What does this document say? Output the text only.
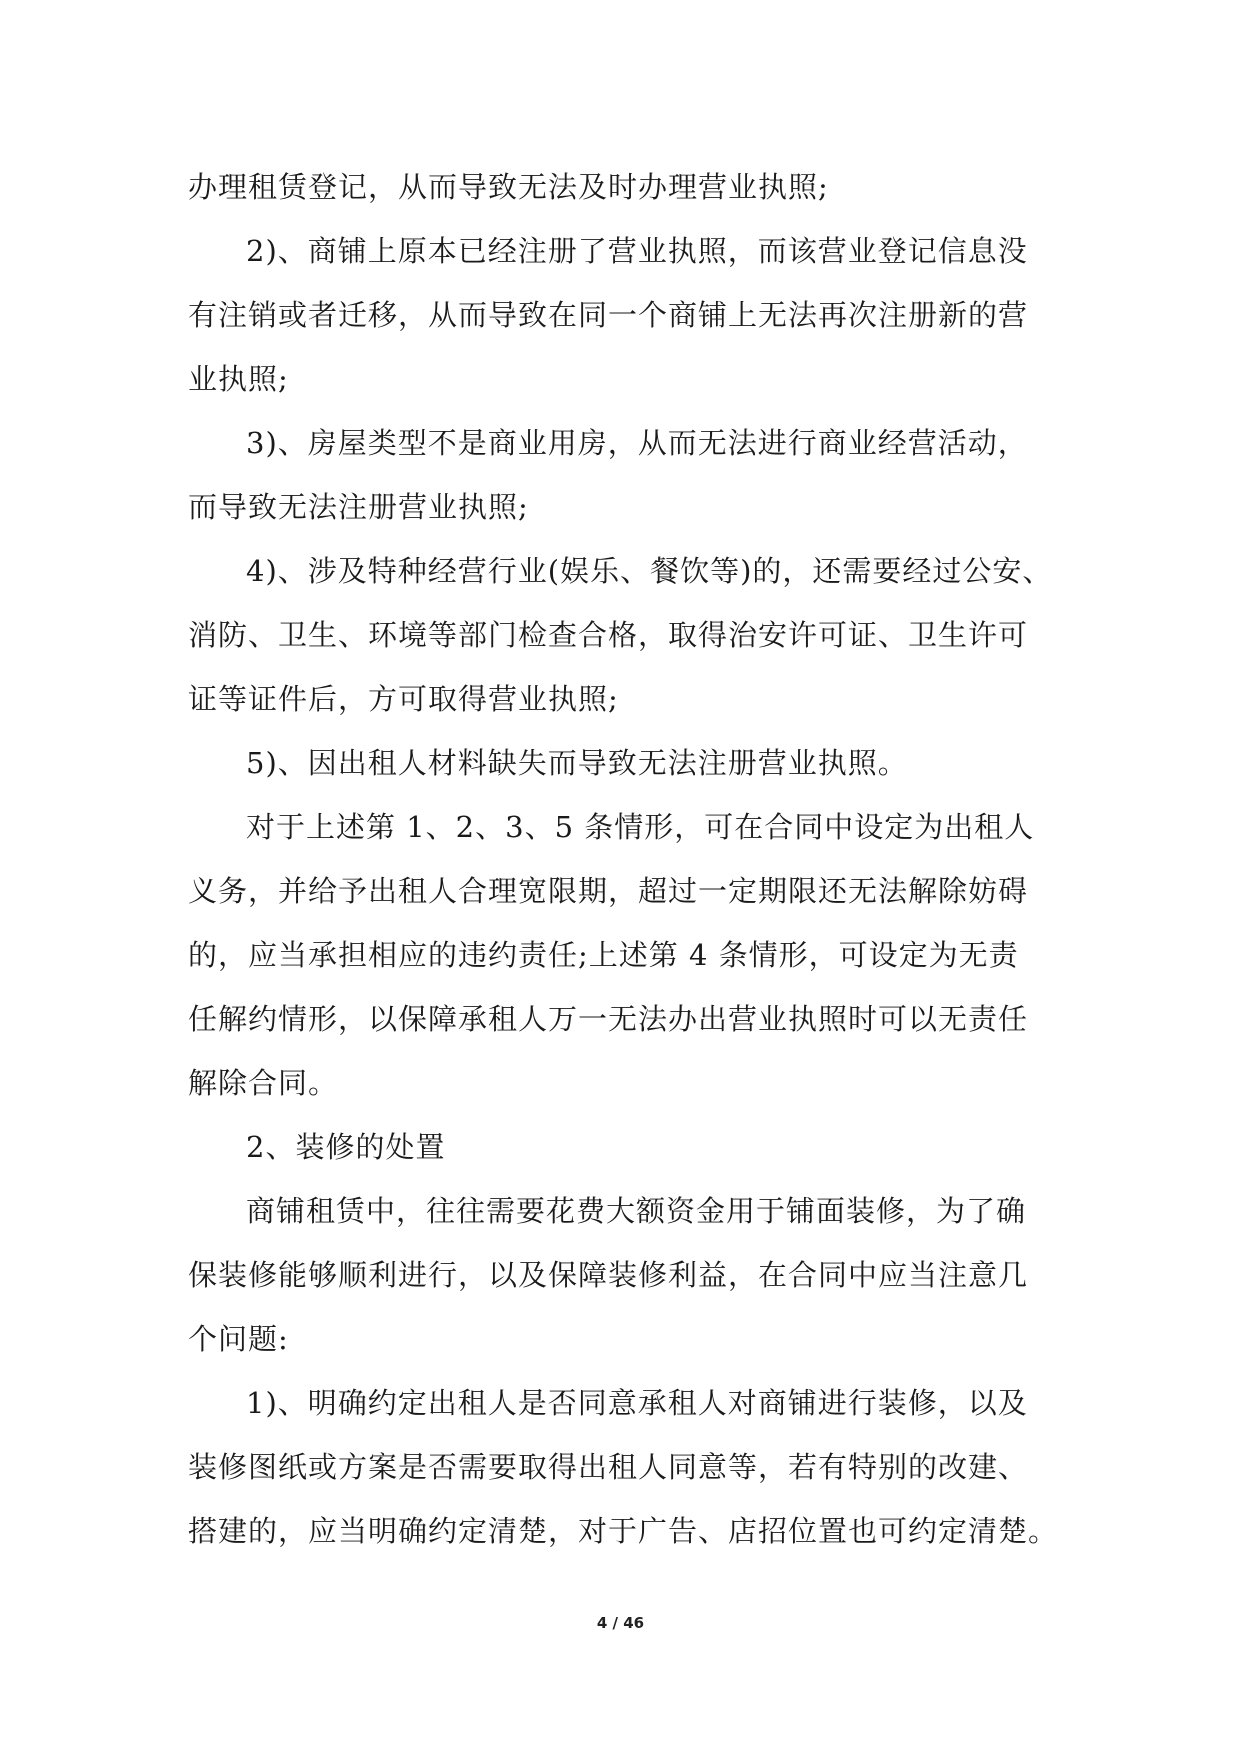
办理租赁登记，从而导致无法及时办理营业执照;
2)、商铺上原本已经注册了营业执照，而该营业登记信息没
有注销或者迁移，从而导致在同一个商铺上无法再次注册新的营
业执照;
3)、房屋类型不是商业用房，从而无法进行商业经营活动，
而导致无法注册营业执照;
4)、涉及特种经营行业(娱乐、餐饮等)的，还需要经过公安、
消防、卫生、环境等部门检查合格，取得治安许可证、卫生许可
证等证件后，方可取得营业执照;
5)、因出租人材料缺失而导致无法注册营业执照。
对于上述第 1、2、3、5 条情形，可在合同中设定为出租人
义务，并给予出租人合理宽限期，超过一定期限还无法解除妨碍
的，应当承担相应的违约责任;上述第 4 条情形，可设定为无责
任解约情形，以保障承租人万一无法办出营业执照时可以无责任
解除合同。
2、装修的处置
商铺租赁中，往往需要花费大额资金用于铺面装修，为了确
保装修能够顺利进行，以及保障装修利益，在合同中应当注意几
个问题:
1)、明确约定出租人是否同意承租人对商铺进行装修，以及
装修图纸或方案是否需要取得出租人同意等，若有特别的改建、
搭建的，应当明确约定清楚，对于广告、店招位置也可约定清楚。
4 / 46
